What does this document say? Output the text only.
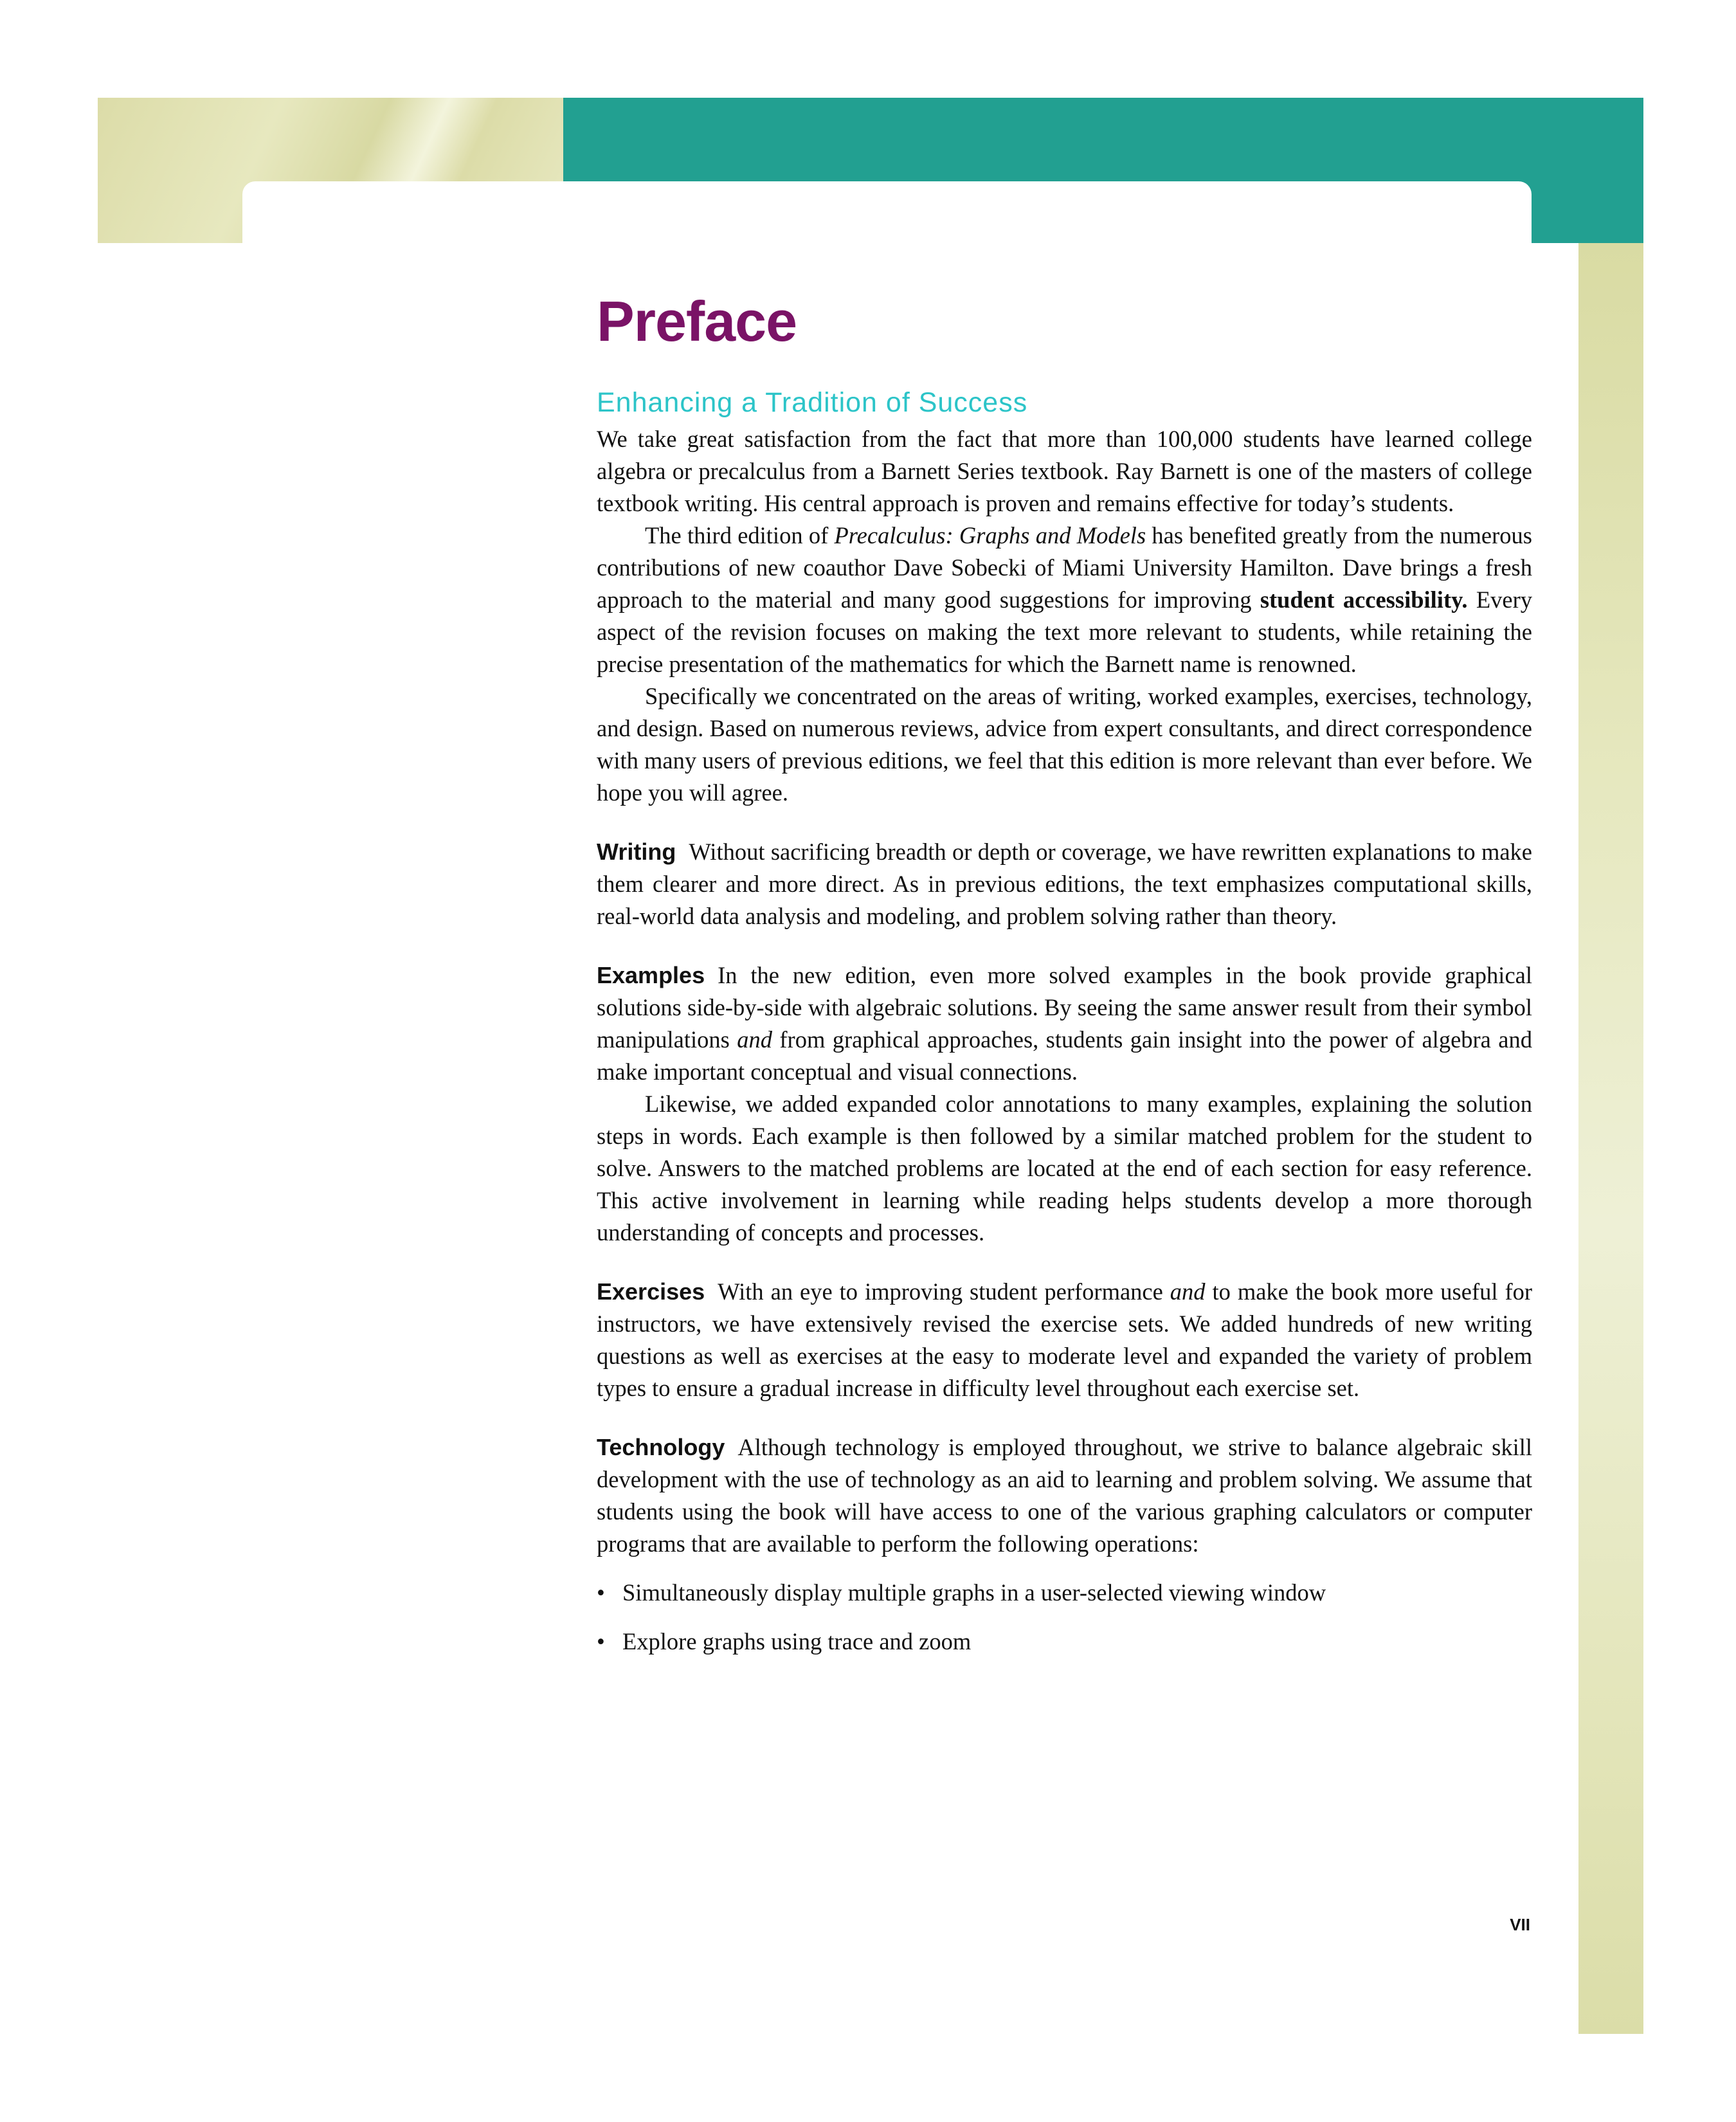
Preface
Enhancing a Tradition of Success

We take great satisfaction from the fact that more than 100,000 students have learned college algebra or precalculus from a Barnett Series textbook. Ray Barnett is one of the masters of college textbook writing. His central approach is proven and remains effective for today’s students.

The third edition of Precalculus: Graphs and Models has benefited greatly from the numerous contributions of new coauthor Dave Sobecki of Miami University Hamilton. Dave brings a fresh approach to the material and many good suggestions for improving student accessibility. Every aspect of the revision focuses on making the text more relevant to students, while retaining the precise presentation of the mathematics for which the Barnett name is renowned.

Specifically we concentrated on the areas of writing, worked examples, exercises, technology, and design. Based on numerous reviews, advice from expert consultants, and direct correspondence with many users of previous editions, we feel that this edition is more relevant than ever before. We hope you will agree.

Writing Without sacrificing breadth or depth or coverage, we have rewritten explanations to make them clearer and more direct. As in previous editions, the text emphasizes computational skills, real-world data analysis and modeling, and problem solving rather than theory.

Examples In the new edition, even more solved examples in the book provide graphical solutions side-by-side with algebraic solutions. By seeing the same answer result from their symbol manipulations and from graphical approaches, students gain insight into the power of algebra and make important conceptual and visual connections.

Likewise, we added expanded color annotations to many examples, explaining the solution steps in words. Each example is then followed by a similar matched problem for the student to solve. Answers to the matched problems are located at the end of each section for easy reference. This active involvement in learning while reading helps students develop a more thorough understanding of concepts and processes.

Exercises With an eye to improving student performance and to make the book more useful for instructors, we have extensively revised the exercise sets. We added hundreds of new writing questions as well as exercises at the easy to moderate level and expanded the variety of problem types to ensure a gradual increase in difficulty level throughout each exercise set.

Technology Although technology is employed throughout, we strive to balance algebraic skill development with the use of technology as an aid to learning and problem solving. We assume that students using the book will have access to one of the various graphing calculators or computer programs that are available to perform the following operations:

• Simultaneously display multiple graphs in a user-selected viewing window
• Explore graphs using trace and zoom
VII
